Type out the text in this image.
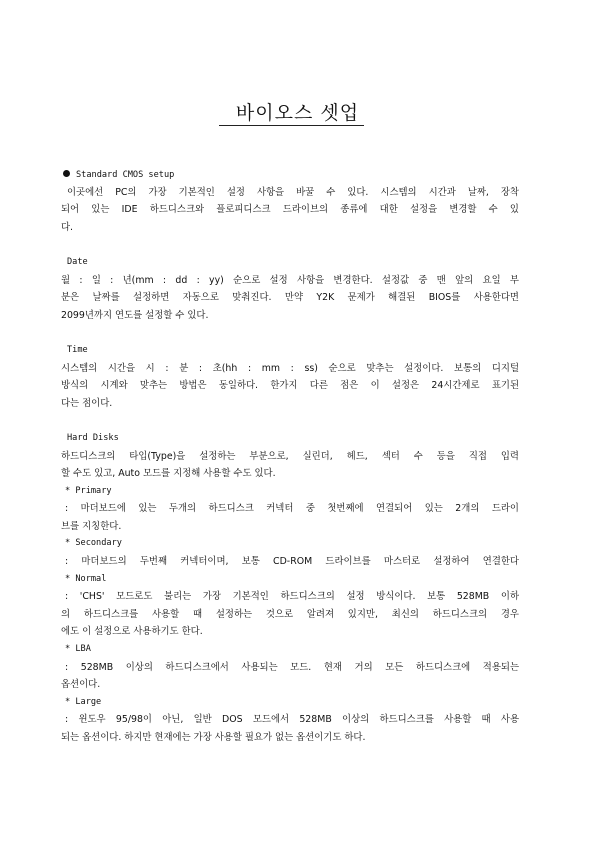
바이오스 셋업
Standard CMOS setup
이곳에선 PC의 가장 기본적인 설정 사항을 바꿀 수 있다. 시스템의 시간과 날짜, 장착
되어 있는 IDE 하드디스크와 플로피디스크 드라이브의 종류에 대한 설정을 변경할 수 있
다.
Date
월 : 일 : 년(mm : dd : yy) 순으로 설정 사항을 변경한다. 설정값 중 맨 앞의 요일 부
분은 날짜를 설정하면 자동으로 맞춰진다. 만약 Y2K 문제가 해결된 BIOS를 사용한다면
2099년까지 연도를 설정할 수 있다.
Time
시스템의 시간을 시 : 분 : 초(hh : mm : ss) 순으로 맞추는 설정이다. 보통의 디지털
방식의 시계와 맞추는 방법은 동일하다. 한가지 다른 점은 이 설정은 24시간제로 표기된
다는 점이다.
Hard Disks
하드디스크의 타입(Type)을 설정하는 부분으로, 실린더, 헤드, 섹터 수 등을 직접 입력
할 수도 있고, Auto 모드를 지정해 사용할 수도 있다.
* Primary
: 마더보드에 있는 두개의 하드디스크 커넥터 중 첫번째에 연결되어 있는 2개의 드라이
브를 지칭한다.
* Secondary
: 마더보드의 두번째 커넥터이며, 보통 CD-ROM 드라이브를 마스터로 설정하여 연결한다
* Normal
: 'CHS' 모드로도 불리는 가장 기본적인 하드디스크의 설정 방식이다. 보통 528MB 이하
의 하드디스크를 사용할 때 설정하는 것으로 알려져 있지만, 최신의 하드디스크의 경우
에도 이 설정으로 사용하기도 한다.
* LBA
: 528MB 이상의 하드디스크에서 사용되는 모드. 현재 거의 모든 하드디스크에 적용되는
옵션이다.
* Large
: 윈도우 95/98이 아닌, 일반 DOS 모드에서 528MB 이상의 하드디스크를 사용할 때 사용
되는 옵션이다. 하지만 현재에는 가장 사용할 필요가 없는 옵션이기도 하다.
